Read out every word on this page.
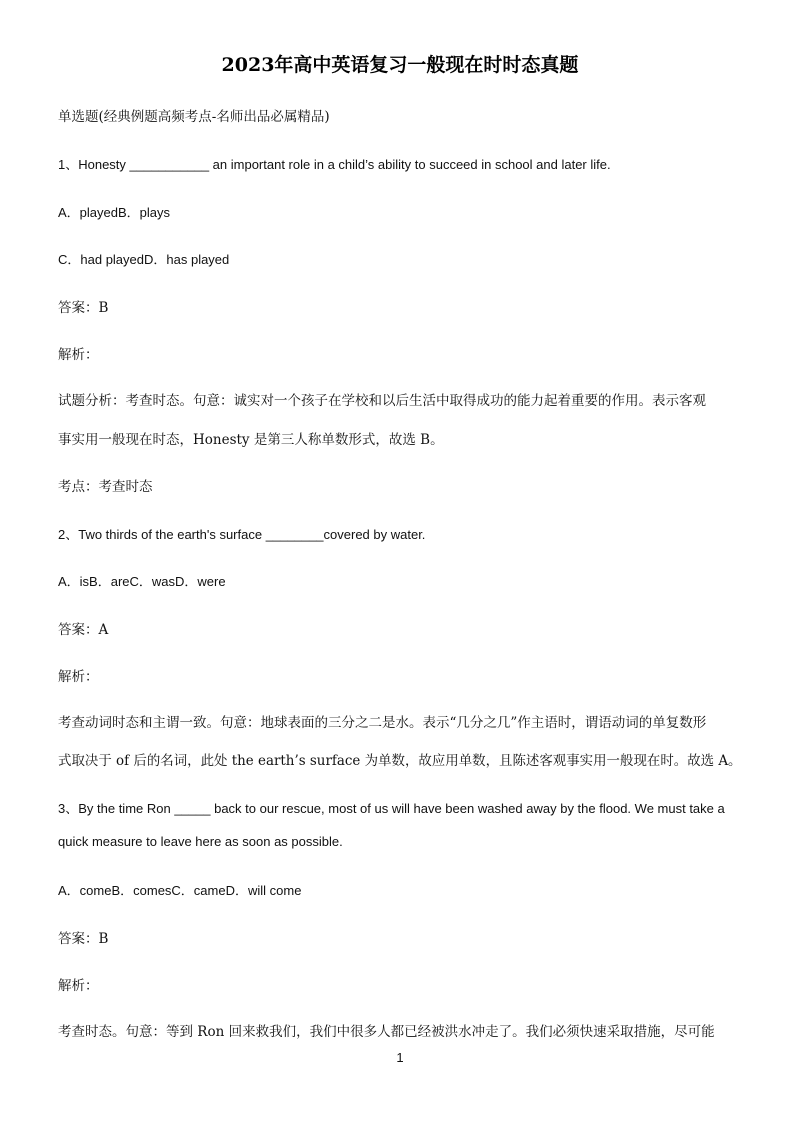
2023年高中英语复习一般现在时时态真题
单选题(经典例题高频考点-名师出品必属精品)
1、Honesty ___________ an important role in a child’s ability to succeed in school and later life.
A．playedB．plays
C．had playedD．has played
答案：B
解析：
试题分析：考查时态。句意：诚实对一个孩子在学校和以后生活中取得成功的能力起着重要的作用。表示客观
事实用一般现在时态，Honesty 是第三人称单数形式，故选 B。
考点：考查时态
2、Two thirds of the earth's surface ________covered by water.
A．isB．areC．wasD．were
答案：A
解析：
考查动词时态和主谓一致。句意：地球表面的三分之二是水。表示“几分之几”作主语时，谓语动词的单复数形
式取决于 of 后的名词，此处 the earth’s surface 为单数，故应用单数，且陈述客观事实用一般现在时。故选 A。
3、By the time Ron _____ back to our rescue, most of us will have been washed away by the flood. We must take a
quick measure to leave here as soon as possible.
A．comeB．comesC．cameD．will come
答案：B
解析：
考查时态。句意：等到 Ron 回来救我们，我们中很多人都已经被洪水冲走了。我们必须快速采取措施，尽可能
1
